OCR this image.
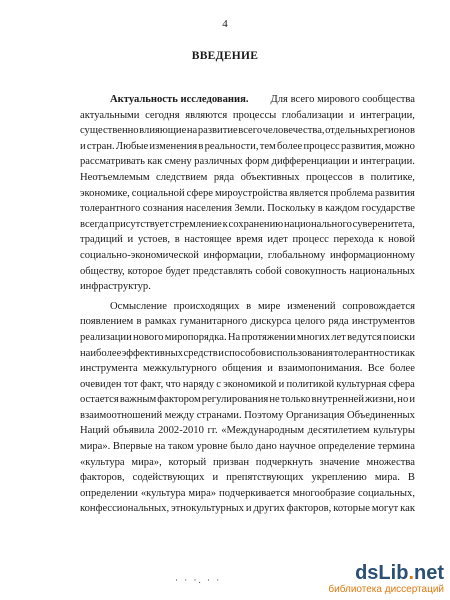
4
ВВЕДЕНИЕ
Актуальность исследования.	Для всего мирового сообщества
актуальными сегодня являются процессы глобализации и интеграции,
существенно влияющие на развитие всего человечества, отдельных регионов
и стран. Любые изменения в реальности, тем более процесс развития, можно
рассматривать как смену различных форм дифференциации и интеграции.
Неотъемлемым следствием ряда объективных процессов в политике,
экономике, социальной сфере мироустройства является проблема развития
толерантного сознания населения Земли. Поскольку в каждом государстве
всегда присутствует стремление к сохранению национального суверенитета,
традиций и устоев, в настоящее время идет процесс перехода к новой
социально-экономической информации, глобальному информационному
обществу, которое будет представлять собой совокупность национальных
инфраструктур.
Осмысление происходящих в мире изменений сопровождается
появлением в рамках гуманитарного дискурса целого ряда инструментов
реализации нового миропорядка. На протяжении многих лет ведутся поиски
наиболее эффективных средств и способов использования толерантности как
инструмента межкультурного общения и взаимопонимания. Все более
очевиден тот факт, что наряду с экономикой и политикой культурная сфера
остается важным фактором регулирования не только внутренней жизни, но и
взаимоотношений между странами. Поэтому Организация Объединенных
Наций объявила 2002-2010 гг. «Международным десятилетием культуры
мира». Впервые на таком уровне было дано научное определение термина
«культура мира», который призван подчеркнуть значение множества
факторов, содействующих и препятствующих укреплению мира. В
определении «культура мира» подчеркивается многообразие социальных,
конфессиональных, этнокультурных и других факторов, которые могут как
· · ·. · ·	dsLib.net
библиотека диссертаций
